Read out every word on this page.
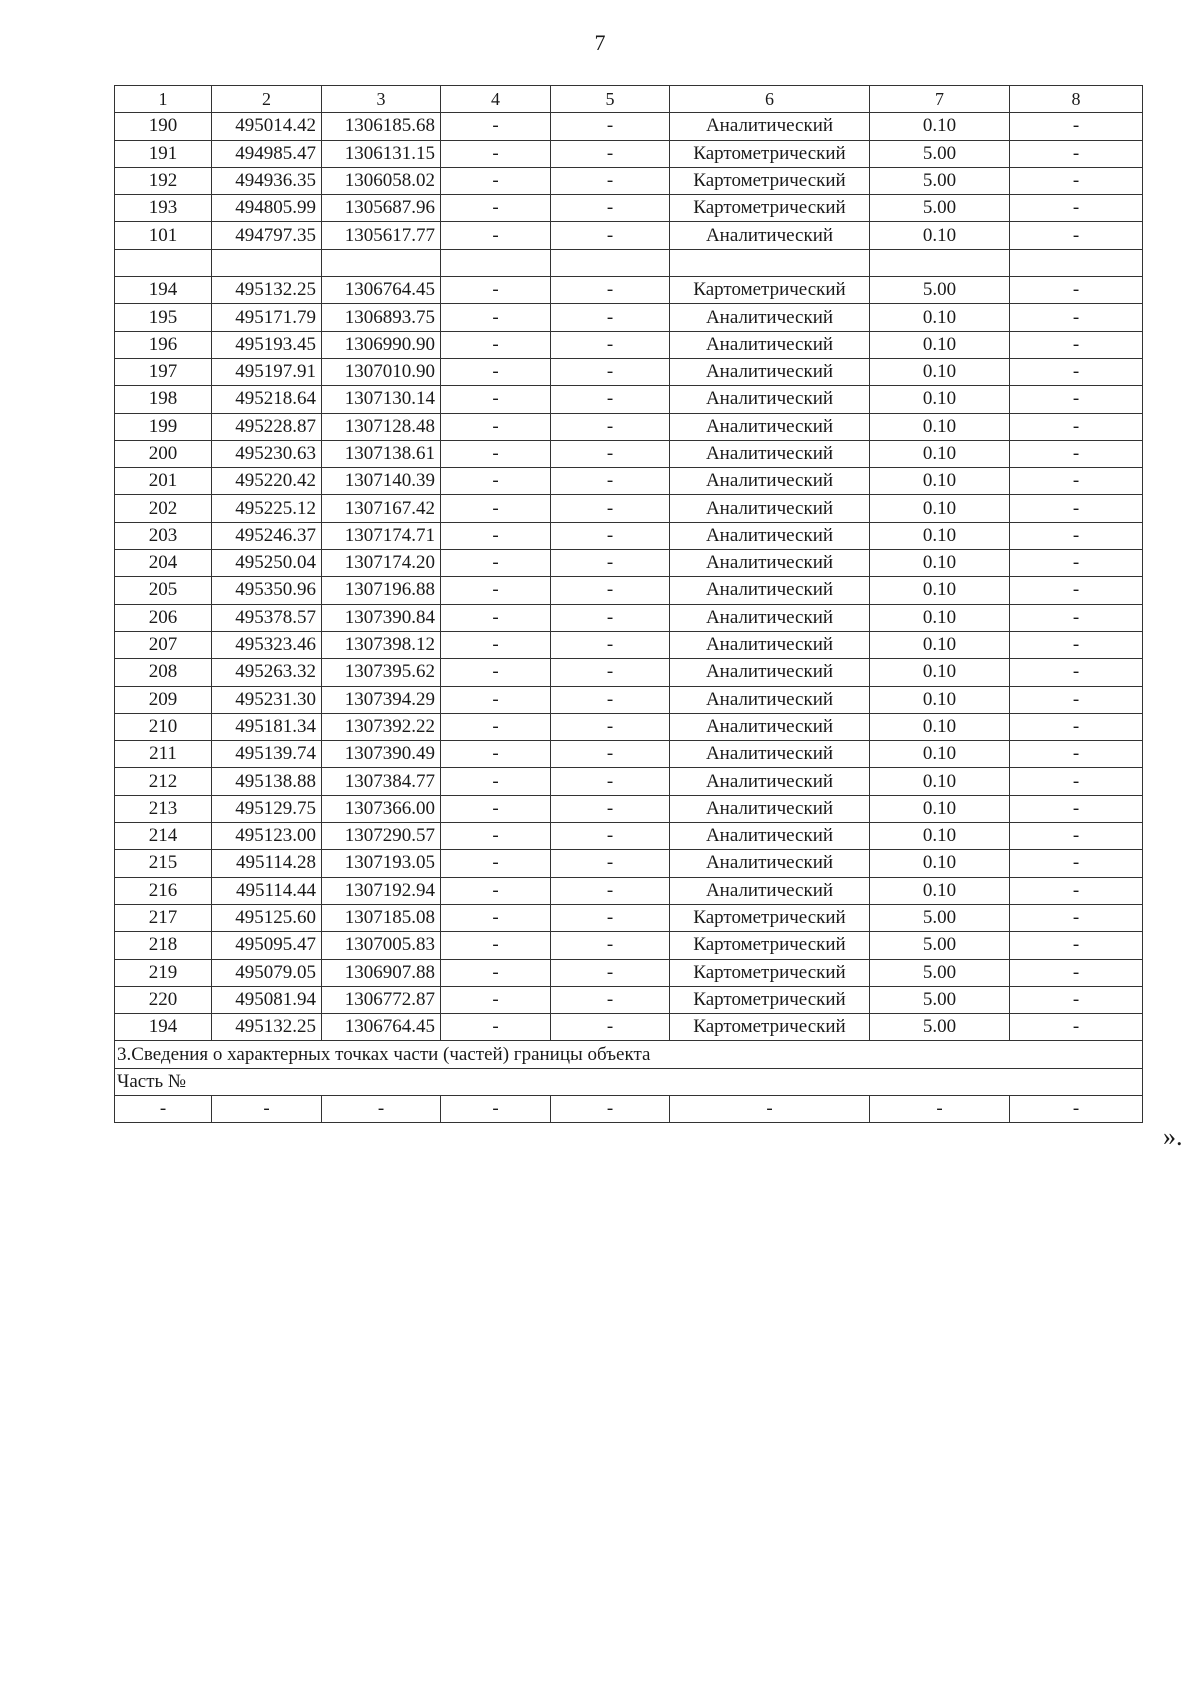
7
1	2	3	4	5	6	7	8
190	495014.42	1306185.68	-	-	Аналитический	0.10	-
191	494985.47	1306131.15	-	-	Картометрический	5.00	-
192	494936.35	1306058.02	-	-	Картометрический	5.00	-
193	494805.99	1305687.96	-	-	Картометрический	5.00	-
101	494797.35	1305617.77	-	-	Аналитический	0.10	-

194	495132.25	1306764.45	-	-	Картометрический	5.00	-
195	495171.79	1306893.75	-	-	Аналитический	0.10	-
196	495193.45	1306990.90	-	-	Аналитический	0.10	-
197	495197.91	1307010.90	-	-	Аналитический	0.10	-
198	495218.64	1307130.14	-	-	Аналитический	0.10	-
199	495228.87	1307128.48	-	-	Аналитический	0.10	-
200	495230.63	1307138.61	-	-	Аналитический	0.10	-
201	495220.42	1307140.39	-	-	Аналитический	0.10	-
202	495225.12	1307167.42	-	-	Аналитический	0.10	-
203	495246.37	1307174.71	-	-	Аналитический	0.10	-
204	495250.04	1307174.20	-	-	Аналитический	0.10	-
205	495350.96	1307196.88	-	-	Аналитический	0.10	-
206	495378.57	1307390.84	-	-	Аналитический	0.10	-
207	495323.46	1307398.12	-	-	Аналитический	0.10	-
208	495263.32	1307395.62	-	-	Аналитический	0.10	-
209	495231.30	1307394.29	-	-	Аналитический	0.10	-
210	495181.34	1307392.22	-	-	Аналитический	0.10	-
211	495139.74	1307390.49	-	-	Аналитический	0.10	-
212	495138.88	1307384.77	-	-	Аналитический	0.10	-
213	495129.75	1307366.00	-	-	Аналитический	0.10	-
214	495123.00	1307290.57	-	-	Аналитический	0.10	-
215	495114.28	1307193.05	-	-	Аналитический	0.10	-
216	495114.44	1307192.94	-	-	Аналитический	0.10	-
217	495125.60	1307185.08	-	-	Картометрический	5.00	-
218	495095.47	1307005.83	-	-	Картометрический	5.00	-
219	495079.05	1306907.88	-	-	Картометрический	5.00	-
220	495081.94	1306772.87	-	-	Картометрический	5.00	-
194	495132.25	1306764.45	-	-	Картометрический	5.00	-
3.Сведения о характерных точках части (частей) границы объекта							
Часть №							
-	-	-	-	-	-	-	-
».
